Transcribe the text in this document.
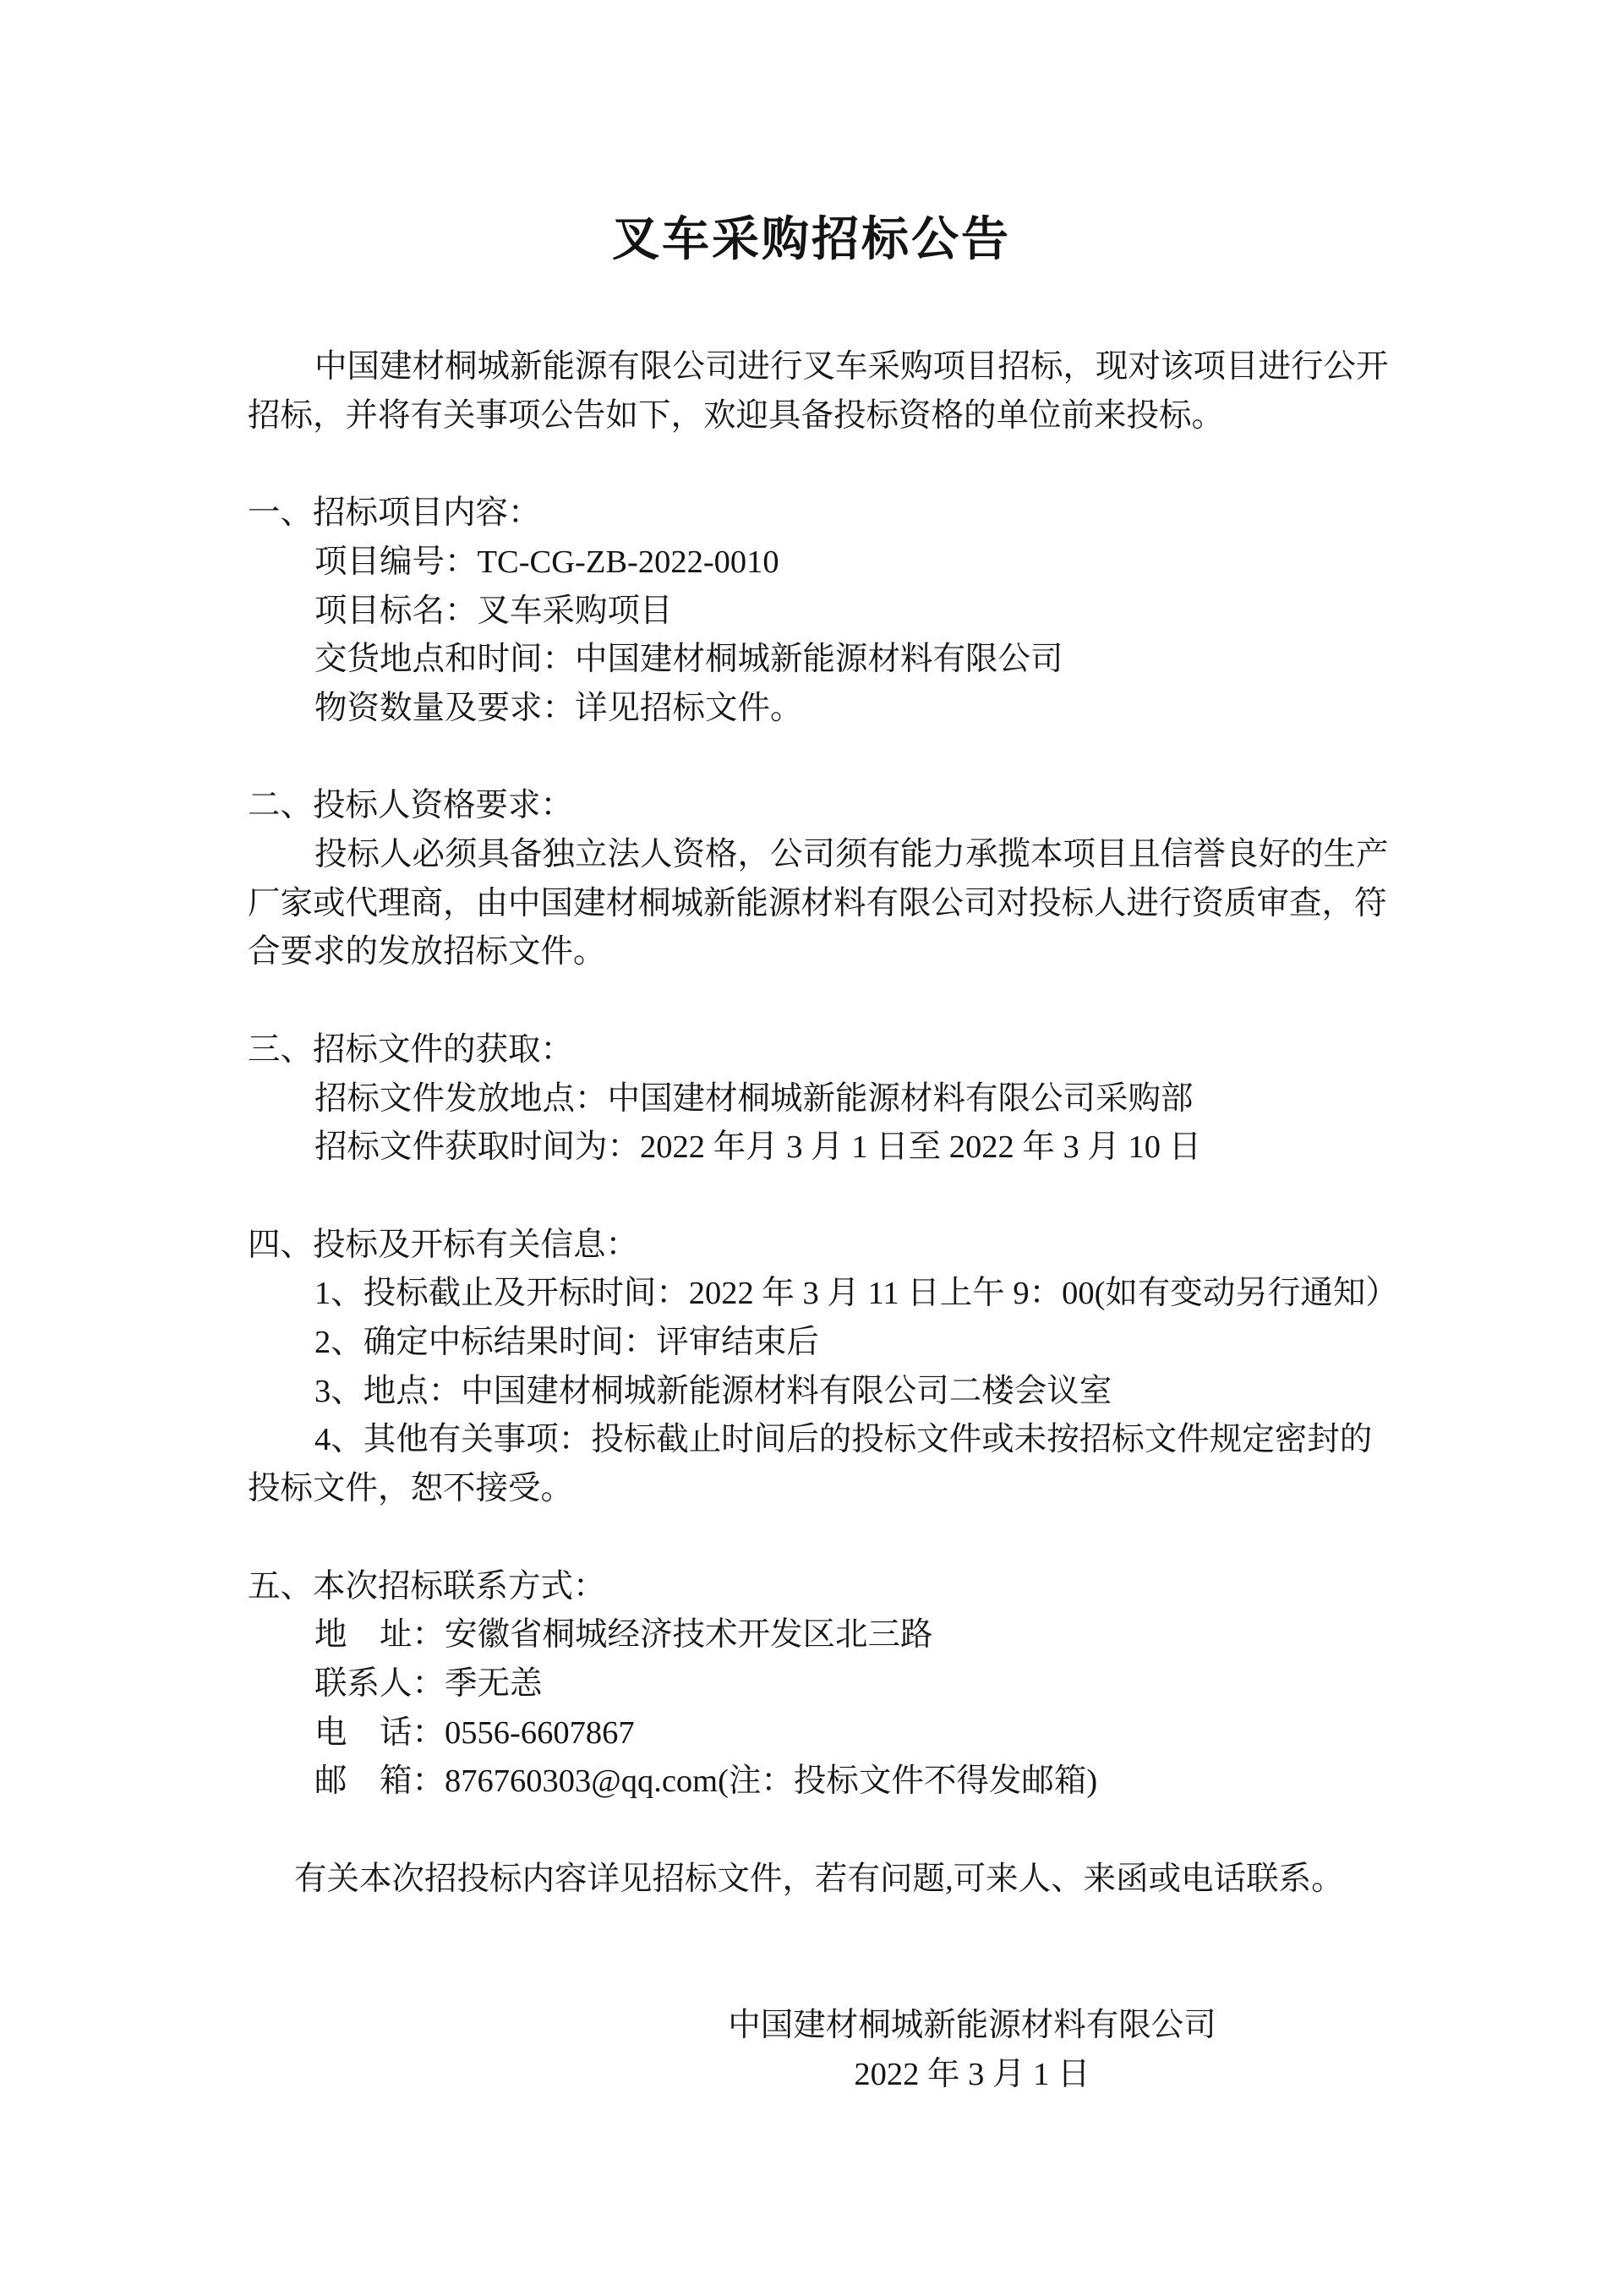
叉车采购招标公告
中国建材桐城新能源有限公司进行叉车采购项目招标，现对该项目进行公开
招标，并将有关事项公告如下，欢迎具备投标资格的单位前来投标。
一、招标项目内容：
项目编号：TC-CG-ZB-2022-0010
项目标名：叉车采购项目
交货地点和时间：中国建材桐城新能源材料有限公司
物资数量及要求：详见招标文件。
二、投标人资格要求：
投标人必须具备独立法人资格，公司须有能力承揽本项目且信誉良好的生产
厂家或代理商，由中国建材桐城新能源材料有限公司对投标人进行资质审查，符
合要求的发放招标文件。
三、招标文件的获取：
招标文件发放地点：中国建材桐城新能源材料有限公司采购部
招标文件获取时间为：2022 年月 3 月 1 日至 2022 年 3 月 10 日
四、投标及开标有关信息：
1、投标截止及开标时间：2022 年 3 月 11 日上午 9：00(如有变动另行通知）
2、确定中标结果时间：评审结束后
3、地点：中国建材桐城新能源材料有限公司二楼会议室
4、其他有关事项：投标截止时间后的投标文件或未按招标文件规定密封的
投标文件，恕不接受。
五、本次招标联系方式：
地　址：安徽省桐城经济技术开发区北三路
联系人：季无恙
电　话：0556-6607867
邮　箱：876760303@qq.com(注：投标文件不得发邮箱)
有关本次招投标内容详见招标文件，若有问题,可来人、来函或电话联系。
中国建材桐城新能源材料有限公司
2022 年 3 月 1 日
